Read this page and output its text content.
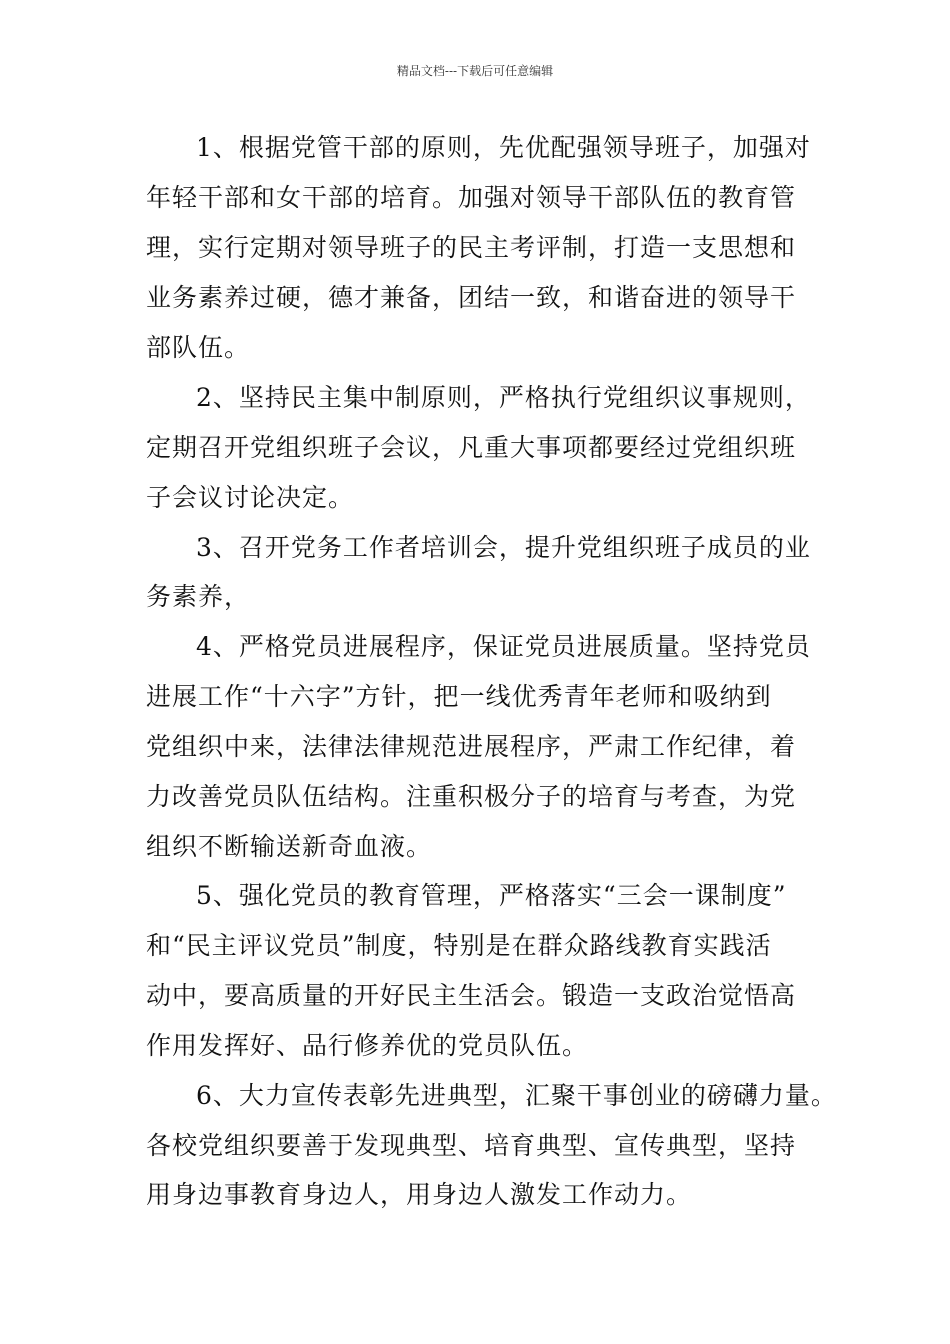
精品文档---下载后可任意编辑
1、根据党管干部的原则，先优配强领导班子，加强对
年轻干部和女干部的培育。加强对领导干部队伍的教育管
理，实行定期对领导班子的民主考评制，打造一支思想和
业务素养过硬，德才兼备，团结一致，和谐奋进的领导干
部队伍。
2、坚持民主集中制原则，严格执行党组织议事规则，
定期召开党组织班子会议，凡重大事项都要经过党组织班
子会议讨论决定。
3、召开党务工作者培训会，提升党组织班子成员的业
务素养，
4、严格党员进展程序，保证党员进展质量。坚持党员
进展工作“十六字”方针，把一线优秀青年老师和吸纳到
党组织中来，法律法律规范进展程序，严肃工作纪律，着
力改善党员队伍结构。注重积极分子的培育与考查，为党
组织不断输送新奇血液。
5、强化党员的教育管理，严格落实“三会一课制度”
和“民主评议党员”制度，特别是在群众路线教育实践活
动中，要高质量的开好民主生活会。锻造一支政治觉悟高
作用发挥好、品行修养优的党员队伍。
6、大力宣传表彰先进典型，汇聚干事创业的磅礴力量。
各校党组织要善于发现典型、培育典型、宣传典型，坚持
用身边事教育身边人，用身边人激发工作动力。
